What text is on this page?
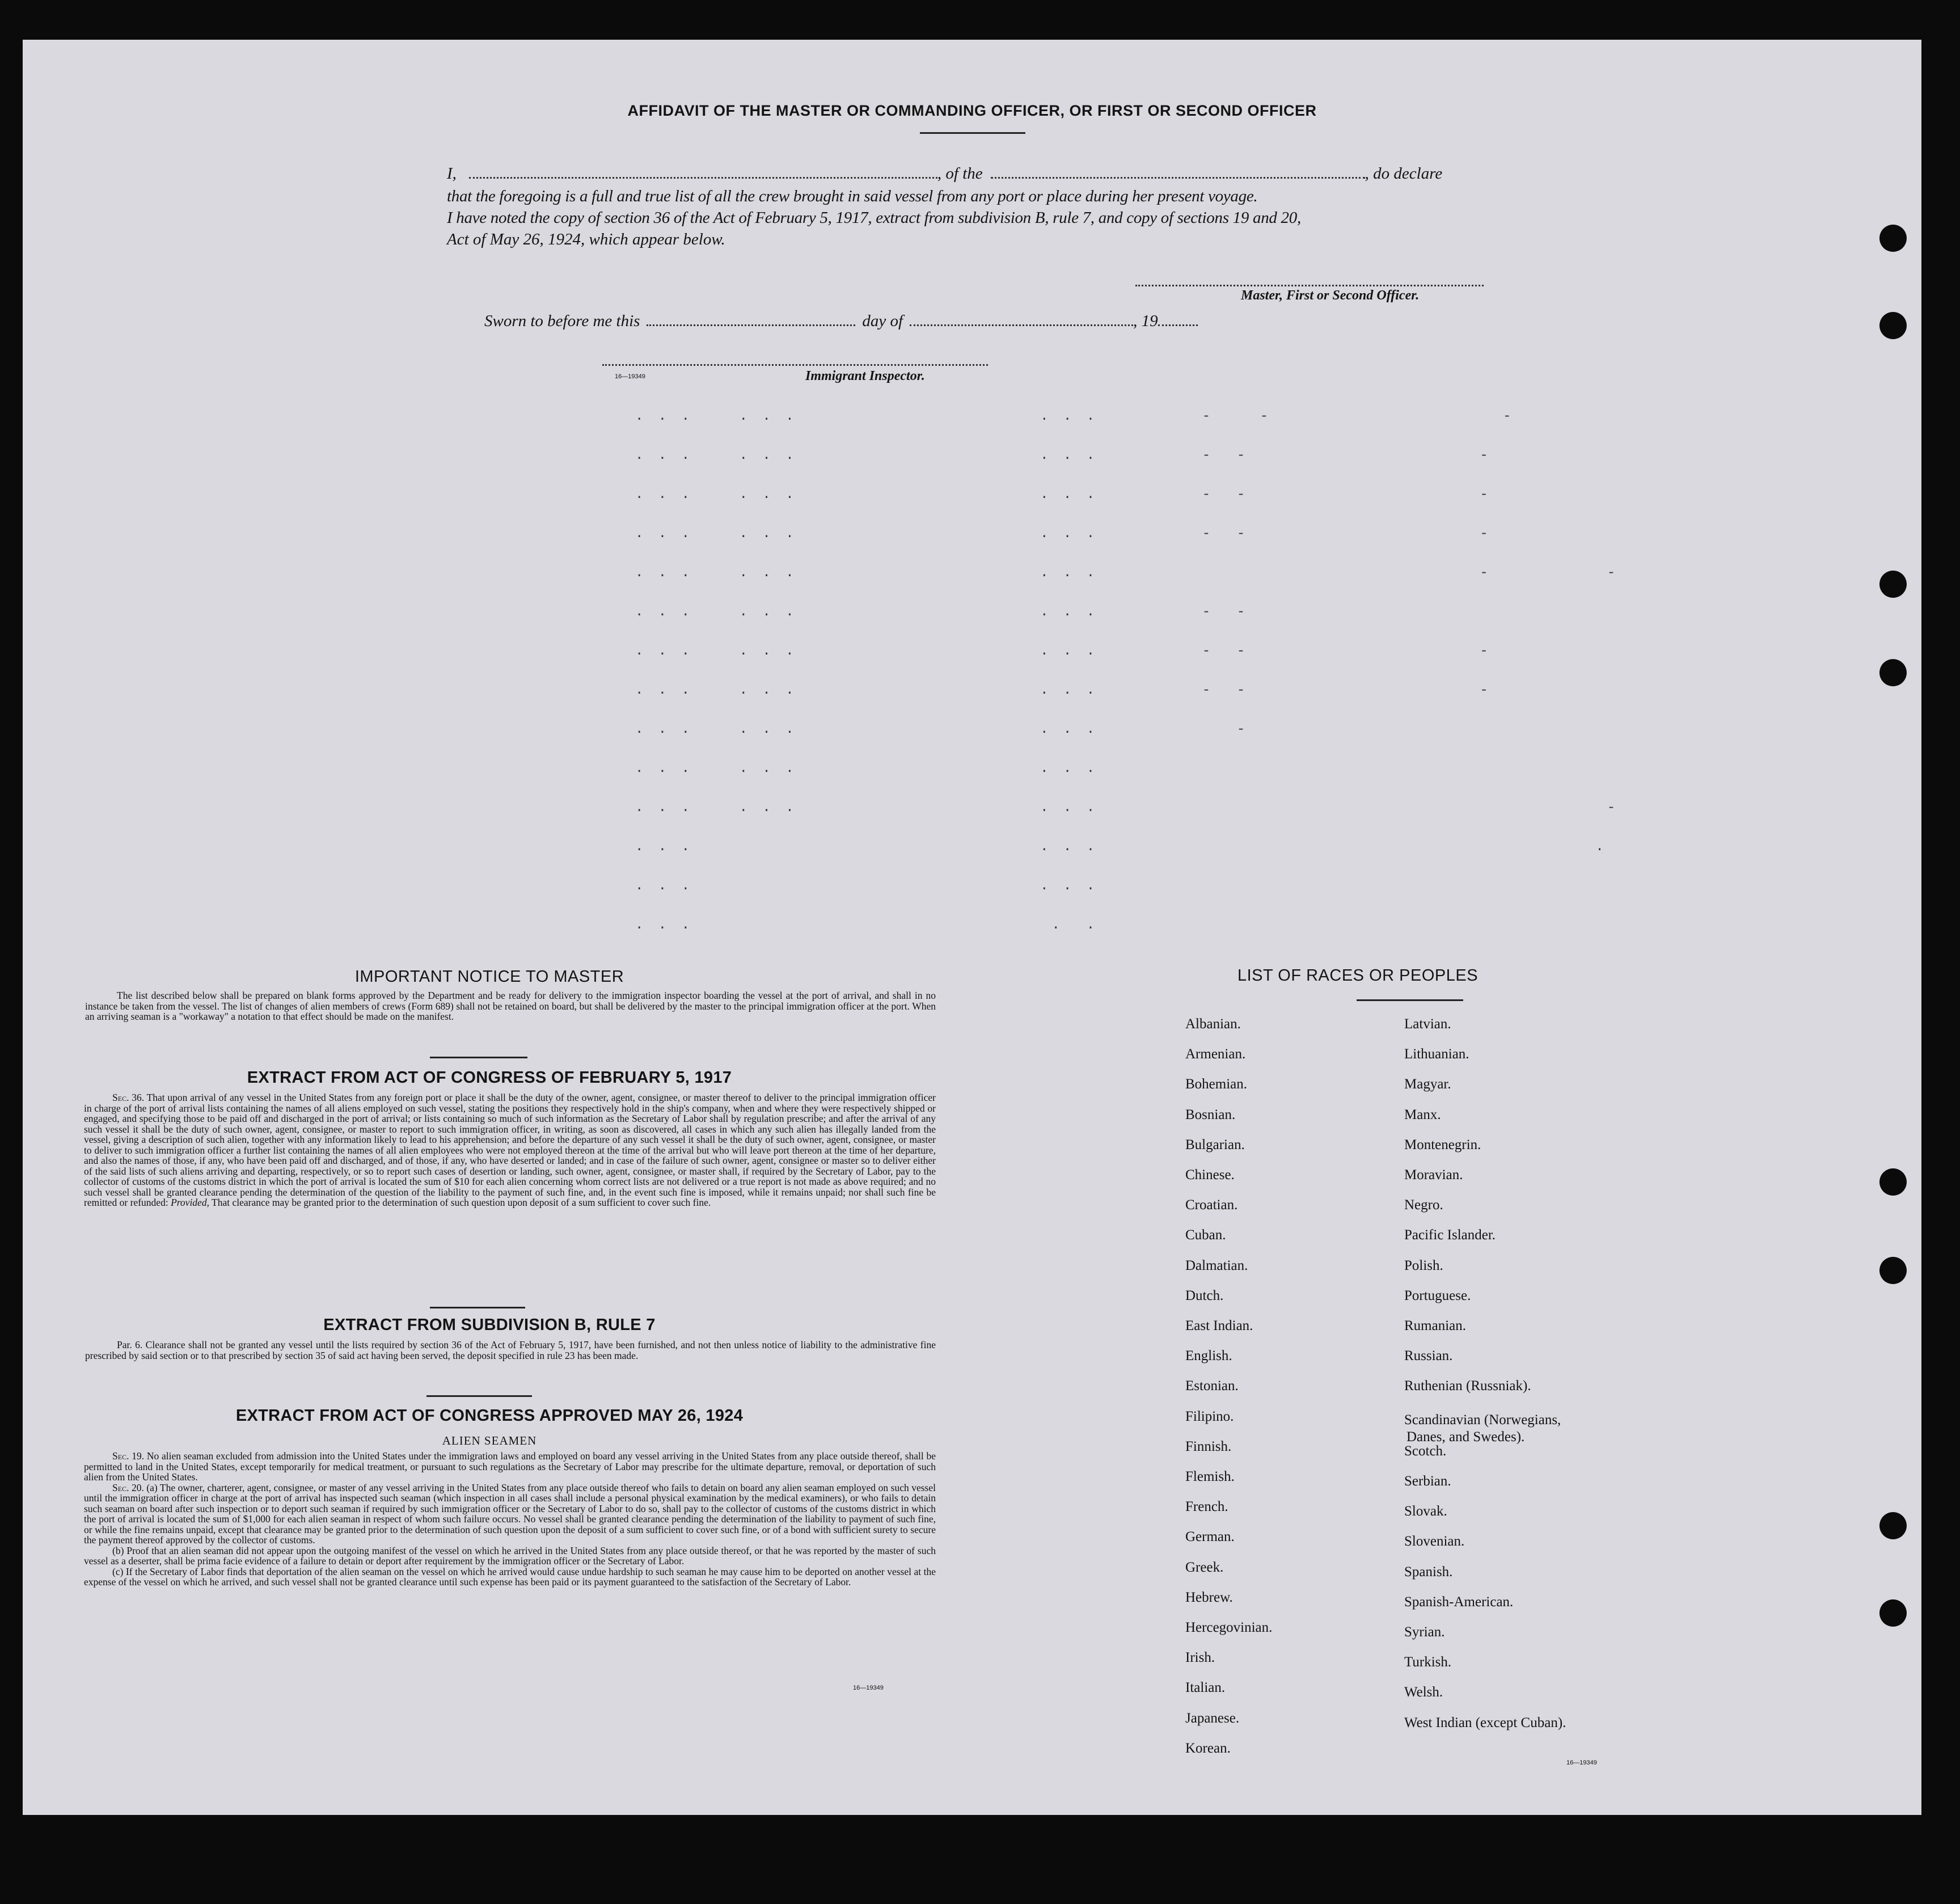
AFFIDAVIT OF THE MASTER OR COMMANDING OFFICER, OR FIRST OR SECOND OFFICER
I,	, of the	, do declare
that the foregoing is a full and true list of all the crew brought in said vessel from any port or place during her present voyage.
I have noted the copy of section 36 of the Act of February 5, 1917, extract from subdivision B, rule 7, and copy of sections 19 and 20,
Act of May 26, 1924, which appear below.
Master, First or Second Officer.
Sworn to before me this	day of	, 19
16—19349	Immigrant Inspector.
. . .    . . .                     . . .         -    -                    -
. . .    . . .                     . . .         -  -                    -
. . .    . . .                     . . .         -  -                    -
. . .    . . .                     . . .         -  -                    -
. . .    . . .                     . . .                                 -          -
. . .    . . .                     . . .         -  -
. . .    . . .                     . . .         -  -                    -
. . .    . . .                     . . .         -  -                    -
. . .    . . .                     . . .            -
. . .    . . .                     . . .
. . .    . . .                     . . .                                            -
. . .                              . . .                                           .
. . .                              . . .
. . .                               .  .
IMPORTANT NOTICE TO MASTER
The list described below shall be prepared on blank forms approved by the Department and be ready for delivery to the immigration inspector boarding the vessel at the port of arrival, and shall in no instance be taken from the vessel. The list of changes of alien members of crews (Form 689) shall not be retained on board, but shall be delivered by the master to the principal immigration officer at the port. When an arriving seaman is a "workaway" a notation to that effect should be made on the manifest.
EXTRACT FROM ACT OF CONGRESS OF FEBRUARY 5, 1917
Sec. 36. That upon arrival of any vessel in the United States from any foreign port or place it shall be the duty of the owner, agent, consignee, or master thereof to deliver to the principal immigration officer in charge of the port of arrival lists containing the names of all aliens employed on such vessel, stating the positions they respectively hold in the ship's company, when and where they were respectively shipped or engaged, and specifying those to be paid off and discharged in the port of arrival; or lists containing so much of such information as the Secretary of Labor shall by regulation prescribe; and after the arrival of any such vessel it shall be the duty of such owner, agent, consignee, or master to report to such immigration officer, in writing, as soon as discovered, all cases in which any such alien has illegally landed from the vessel, giving a description of such alien, together with any information likely to lead to his apprehension; and before the departure of any such vessel it shall be the duty of such owner, agent, consignee, or master to deliver to such immigration officer a further list containing the names of all alien employees who were not employed thereon at the time of the arrival but who will leave port thereon at the time of her departure, and also the names of those, if any, who have been paid off and discharged, and of those, if any, who have deserted or landed; and in case of the failure of such owner, agent, consignee or master so to deliver either of the said lists of such aliens arriving and departing, respectively, or so to report such cases of desertion or landing, such owner, agent, consignee, or master shall, if required by the Secretary of Labor, pay to the collector of customs of the customs district in which the port of arrival is located the sum of $10 for each alien concerning whom correct lists are not delivered or a true report is not made as above required; and no such vessel shall be granted clearance pending the determination of the question of the liability to the payment of such fine, and, in the event such fine is imposed, while it remains unpaid; nor shall such fine be remitted or refunded: Provided, That clearance may be granted prior to the determination of such question upon deposit of a sum sufficient to cover such fine.
EXTRACT FROM SUBDIVISION B, RULE 7
Par. 6. Clearance shall not be granted any vessel until the lists required by section 36 of the Act of February 5, 1917, have been furnished, and not then unless notice of liability to the administrative fine prescribed by said section or to that prescribed by section 35 of said act having been served, the deposit specified in rule 23 has been made.
EXTRACT FROM ACT OF CONGRESS APPROVED MAY 26, 1924
ALIEN SEAMEN
Sec. 19. No alien seaman excluded from admission into the United States under the immigration laws and employed on board any vessel arriving in the United States from any place outside thereof, shall be permitted to land in the United States, except temporarily for medical treatment, or pursuant to such regulations as the Secretary of Labor may prescribe for the ultimate departure, removal, or deportation of such alien from the United States.
Sec. 20. (a) The owner, charterer, agent, consignee, or master of any vessel arriving in the United States from any place outside thereof who fails to detain on board any alien seaman employed on such vessel until the immigration officer in charge at the port of arrival has inspected such seaman (which inspection in all cases shall include a personal physical examination by the medical examiners), or who fails to detain such seaman on board after such inspection or to deport such seaman if required by such immigration officer or the Secretary of Labor to do so, shall pay to the collector of customs of the customs district in which the port of arrival is located the sum of $1,000 for each alien seaman in respect of whom such failure occurs. No vessel shall be granted clearance pending the determination of the liability to payment of such fine, or while the fine remains unpaid, except that clearance may be granted prior to the determination of such question upon the deposit of a sum sufficient to cover such fine, or of a bond with sufficient surety to secure the payment thereof approved by the collector of customs.
(b) Proof that an alien seaman did not appear upon the outgoing manifest of the vessel on which he arrived in the United States from any place outside thereof, or that he was reported by the master of such vessel as a deserter, shall be prima facie evidence of a failure to detain or deport after requirement by the immigration officer or the Secretary of Labor.
(c) If the Secretary of Labor finds that deportation of the alien seaman on the vessel on which he arrived would cause undue hardship to such seaman he may cause him to be deported on another vessel at the expense of the vessel on which he arrived, and such vessel shall not be granted clearance until such expense has been paid or its payment guaranteed to the satisfaction of the Secretary of Labor.
16—19349
LIST OF RACES OR PEOPLES
Albanian.
Armenian.
Bohemian.
Bosnian.
Bulgarian.
Chinese.
Croatian.
Cuban.
Dalmatian.
Dutch.
East Indian.
English.
Estonian.
Filipino.
Finnish.
Flemish.
French.
German.
Greek.
Hebrew.
Hercegovinian.
Irish.
Italian.
Japanese.
Korean.
Latvian.
Lithuanian.
Magyar.
Manx.
Montenegrin.
Moravian.
Negro.
Pacific Islander.
Polish.
Portuguese.
Rumanian.
Russian.
Ruthenian (Russniak).
Scandinavian (Norwegians,
Danes, and Swedes).
Scotch.
Serbian.
Slovak.
Slovenian.
Spanish.
Spanish-American.
Syrian.
Turkish.
Welsh.
West Indian (except Cuban).
16—19349
